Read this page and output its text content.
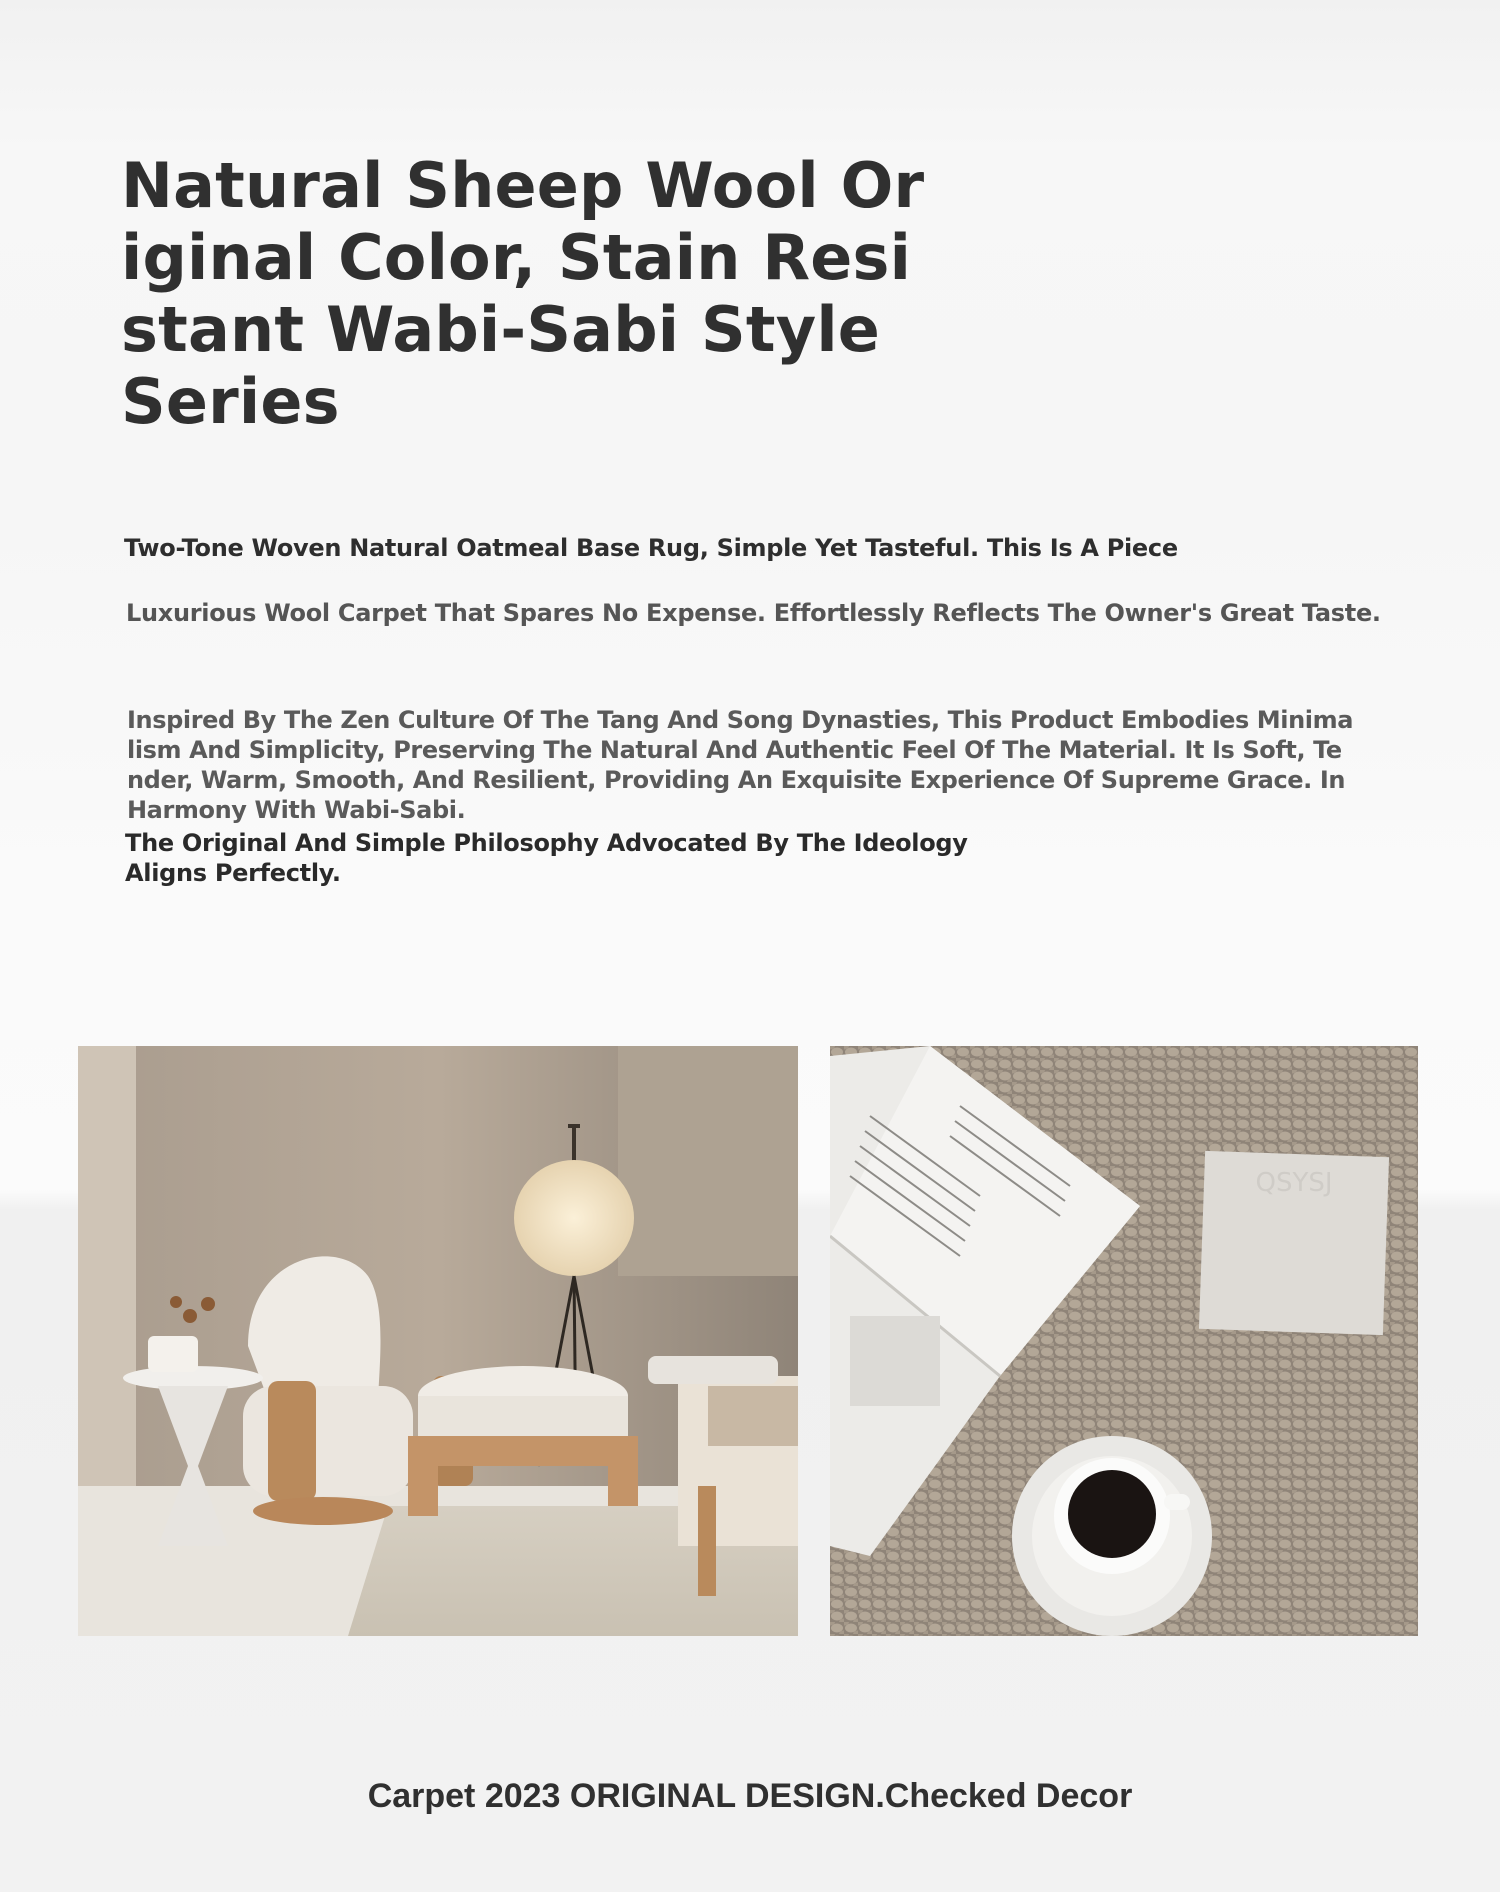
Natural Sheep Wool Original Color, Stain Resistant Wabi-Sabi Style Series

Two-Tone Woven Natural Oatmeal Base Rug, Simple Yet Tasteful. This Is A Piece

Luxurious Wool Carpet That Spares No Expense. Effortlessly Reflects The Owner's Great Taste.

Inspired By The Zen Culture Of The Tang And Song Dynasties, This Product Embodies Minimalism And Simplicity, Preserving The Natural And Authentic Feel Of The Material. It Is Soft, Tender, Warm, Smooth, And Resilient, Providing An Exquisite Experience Of Supreme Grace. In Harmony With Wabi-Sabi.

The Original And Simple Philosophy Advocated By The Ideology Aligns Perfectly.

QSYSJ

Carpet 2023 ORIGINAL DESIGN.Checked Decor
